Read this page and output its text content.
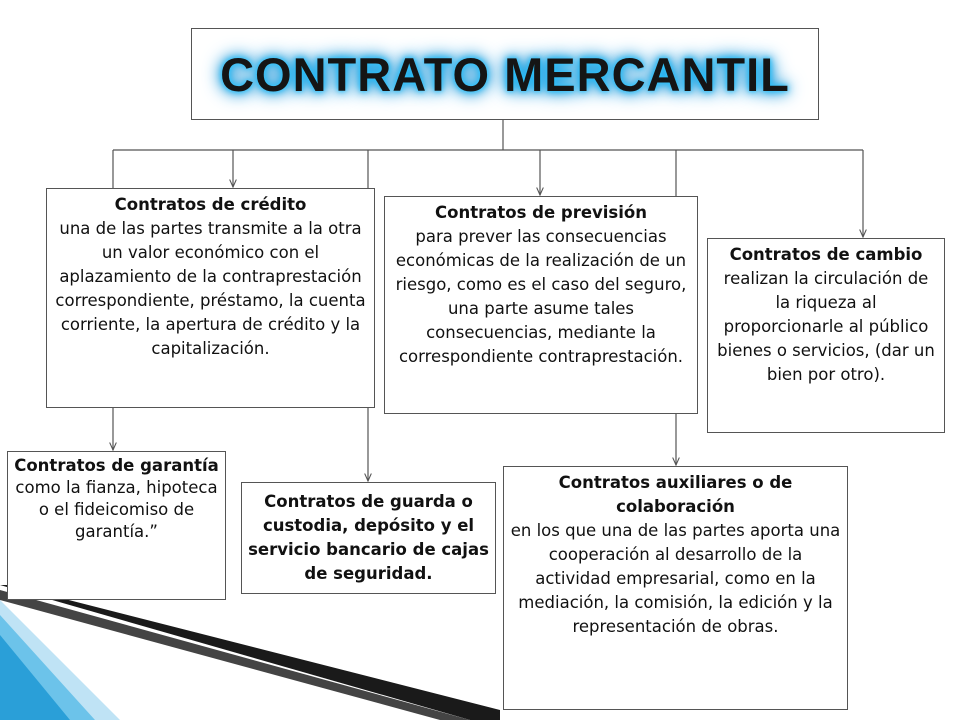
CONTRATO MERCANTIL
Contratos de crédito
una de las partes transmite a la otra un valor económico con el aplazamiento de la contraprestación correspondiente, préstamo, la cuenta corriente, la apertura de crédito y la capitalización.
Contratos de previsión
para prever las consecuencias económicas de la realización de un riesgo, como es el caso del seguro, una parte asume tales consecuencias, mediante la correspondiente contraprestación.
Contratos de cambio
realizan la circulación de la riqueza al proporcionarle al público bienes o servicios, (dar un bien por otro).
Contratos de garantía
como la fianza, hipoteca o el fideicomiso de garantía.”
Contratos de guarda o custodia, depósito y el servicio bancario de cajas de seguridad.
Contratos auxiliares o de colaboración
en los que una de las partes aporta una cooperación al desarrollo de la actividad empresarial, como en la mediación, la comisión, la edición y la representación de obras.
